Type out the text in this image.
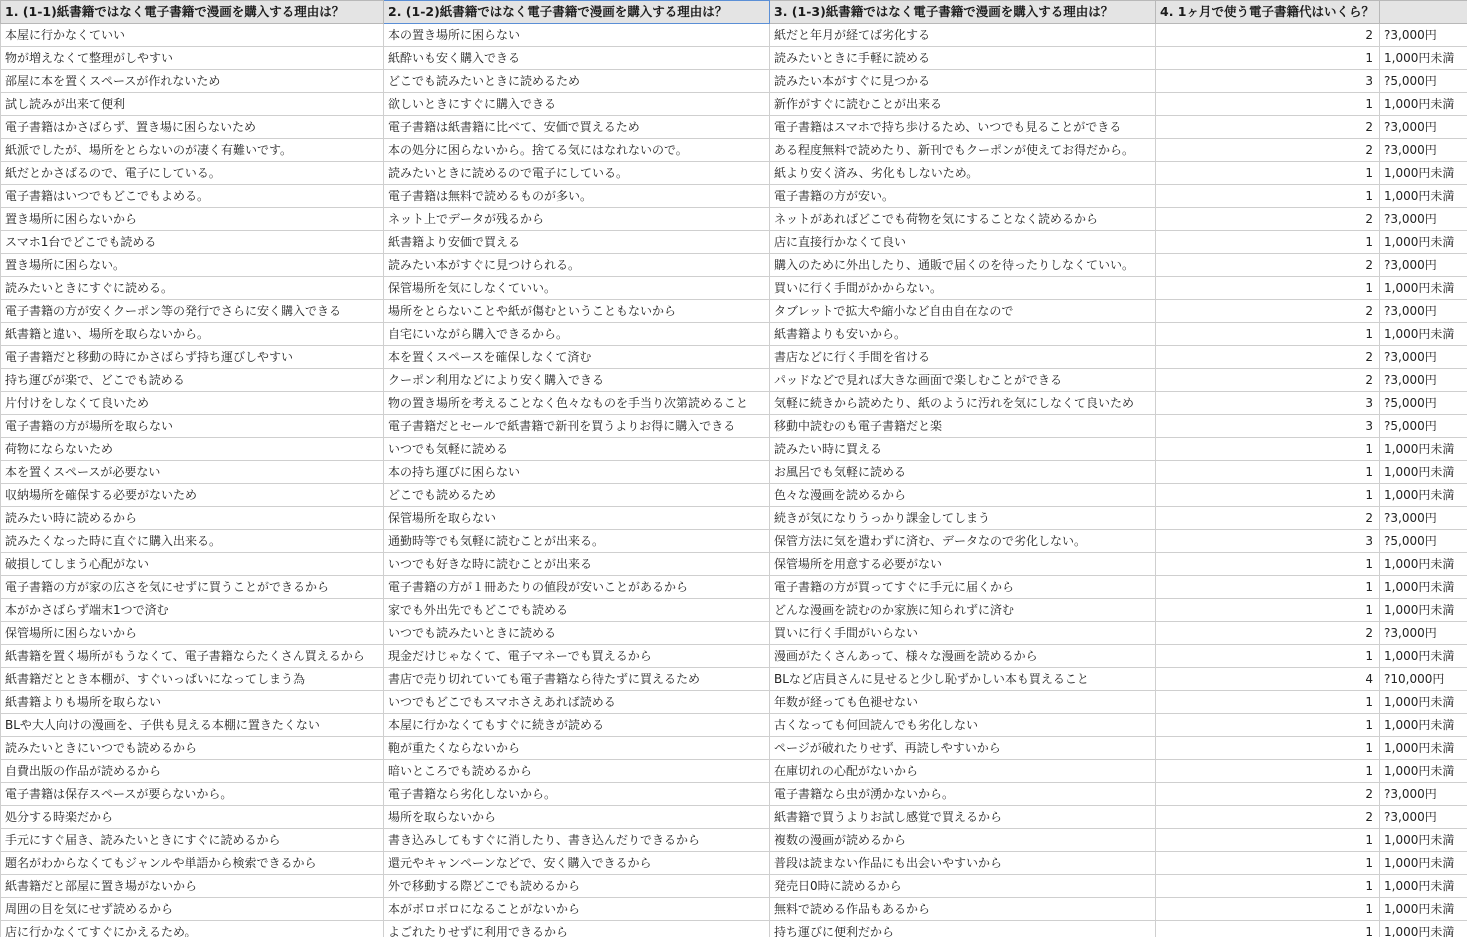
1. (1-1)紙書籍ではなく電子書籍で漫画を購入する理由は？	2. (1-2)紙書籍ではなく電子書籍で漫画を購入する理由は？	3. (1-3)紙書籍ではなく電子書籍で漫画を購入する理由は？	4. 1ヶ月で使う電子書籍代はいくら？	
本屋に行かなくていい	本の置き場所に困らない	紙だと年月が経てば劣化する	2	?3,000円
物が増えなくて整理がしやすい	紙酔いも安く購入できる	読みたいときに手軽に読める	1	1,000円未満
部屋に本を置くスペースが作れないため	どこでも読みたいときに読めるため	読みたい本がすぐに見つかる	3	?5,000円
試し読みが出来て便利	欲しいときにすぐに購入できる	新作がすぐに読むことが出来る	1	1,000円未満
電子書籍はかさばらず、置き場に困らないため	電子書籍は紙書籍に比べて、安価で買えるため	電子書籍はスマホで持ち歩けるため、いつでも見ることができる	2	?3,000円
紙派でしたが、場所をとらないのが凄く有難いです。	本の処分に困らないから。捨てる気にはなれないので。	ある程度無料で読めたり、新刊でもクーポンが使えてお得だから。	2	?3,000円
紙だとかさばるので、電子にしている。	読みたいときに読めるので電子にしている。	紙より安く済み、劣化もしないため。	1	1,000円未満
電子書籍はいつでもどこでもよめる。	電子書籍は無料で読めるものが多い。	電子書籍の方が安い。	1	1,000円未満
置き場所に困らないから	ネット上でデータが残るから	ネットがあればどこでも荷物を気にすることなく読めるから	2	?3,000円
スマホ1台でどこでも読める	紙書籍より安価で買える	店に直接行かなくて良い	1	1,000円未満
置き場所に困らない。	読みたい本がすぐに見つけられる。	購入のために外出したり、通販で届くのを待ったりしなくていい。	2	?3,000円
読みたいときにすぐに読める。	保管場所を気にしなくていい。	買いに行く手間がかからない。	1	1,000円未満
電子書籍の方が安くクーポン等の発行でさらに安く購入できる	場所をとらないことや紙が傷むということもないから	タブレットで拡大や縮小など自由自在なので	2	?3,000円
紙書籍と違い、場所を取らないから。	自宅にいながら購入できるから。	紙書籍よりも安いから。	1	1,000円未満
電子書籍だと移動の時にかさばらず持ち運びしやすい	本を置くスペースを確保しなくて済む	書店などに行く手間を省ける	2	?3,000円
持ち運びが楽で、どこでも読める	クーポン利用などにより安く購入できる	パッドなどで見れば大きな画面で楽しむことができる	2	?3,000円
片付けをしなくて良いため	物の置き場所を考えることなく色々なものを手当り次第読めること	気軽に続きから読めたり、紙のように汚れを気にしなくて良いため	3	?5,000円
電子書籍の方が場所を取らない	電子書籍だとセールで紙書籍で新刊を買うよりお得に購入できる	移動中読むのも電子書籍だと楽	3	?5,000円
荷物にならないため	いつでも気軽に読める	読みたい時に買える	1	1,000円未満
本を置くスペースが必要ない	本の持ち運びに困らない	お風呂でも気軽に読める	1	1,000円未満
収納場所を確保する必要がないため	どこでも読めるため	色々な漫画を読めるから	1	1,000円未満
読みたい時に読めるから	保管場所を取らない	続きが気になりうっかり課金してしまう	2	?3,000円
読みたくなった時に直ぐに購入出来る。	通勤時等でも気軽に読むことが出来る。	保管方法に気を遣わずに済む、データなので劣化しない。	3	?5,000円
破損してしまう心配がない	いつでも好きな時に読むことが出来る	保管場所を用意する必要がない	1	1,000円未満
電子書籍の方が家の広さを気にせずに買うことができるから	電子書籍の方が１冊あたりの値段が安いことがあるから	電子書籍の方が買ってすぐに手元に届くから	1	1,000円未満
本がかさばらず端末1つで済む	家でも外出先でもどこでも読める	どんな漫画を読むのか家族に知られずに済む	1	1,000円未満
保管場所に困らないから	いつでも読みたいときに読める	買いに行く手間がいらない	2	?3,000円
紙書籍を置く場所がもうなくて、電子書籍ならたくさん買えるから	現金だけじゃなくて、電子マネーでも買えるから	漫画がたくさんあって、様々な漫画を読めるから	1	1,000円未満
紙書籍だととき本棚が、すぐいっぱいになってしまう為	書店で売り切れていても電子書籍なら待たずに買えるため	BLなど店員さんに見せると少し恥ずかしい本も買えること	4	?10,000円
紙書籍よりも場所を取らない	いつでもどこでもスマホさえあれば読める	年数が経っても色褪せない	1	1,000円未満
BLや大人向けの漫画を、子供も見える本棚に置きたくない	本屋に行かなくてもすぐに続きが読める	古くなっても何回読んでも劣化しない	1	1,000円未満
読みたいときにいつでも読めるから	鞄が重たくならないから	ページが破れたりせず、再読しやすいから	1	1,000円未満
自費出版の作品が読めるから	暗いところでも読めるから	在庫切れの心配がないから	1	1,000円未満
電子書籍は保存スペースが要らないから。	電子書籍なら劣化しないから。	電子書籍なら虫が湧かないから。	2	?3,000円
処分する時楽だから	場所を取らないから	紙書籍で買うよりお試し感覚で買えるから	2	?3,000円
手元にすぐ届き、読みたいときにすぐに読めるから	書き込みしてもすぐに消したり、書き込んだりできるから	複数の漫画が読めるから	1	1,000円未満
題名がわからなくてもジャンルや単語から検索できるから	還元やキャンペーンなどで、安く購入できるから	普段は読まない作品にも出会いやすいから	1	1,000円未満
紙書籍だと部屋に置き場がないから	外で移動する際どこでも読めるから	発売日0時に読めるから	1	1,000円未満
周囲の目を気にせず読めるから	本がボロボロになることがないから	無料で読める作品もあるから	1	1,000円未満
店に行かなくてすぐにかえるため。	よごれたりせずに利用できるから	持ち運びに便利だから	1	1,000円未満
